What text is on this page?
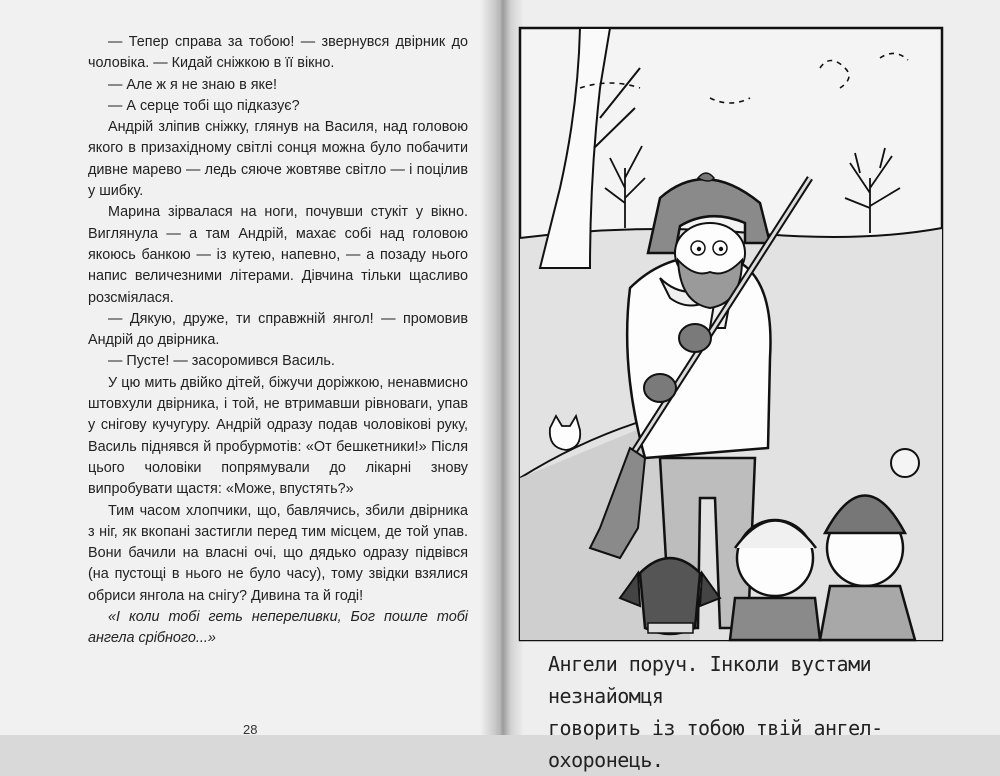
— Тепер справа за тобою! — звернувся двірник до чоловіка. — Кидай сніжкою в її вікно.

— Але ж я не знаю в яке!

— А серце тобі що підказує?

Андрій зліпив сніжку, глянув на Василя, над головою якого в призахідному світлі сонця можна було побачити дивне марево — ледь сяюче жовтяве світло — і поцілив у шибку.

Марина зірвалася на ноги, почувши стукіт у вікно. Виглянула — а там Андрій, махає собі над головою якоюсь банкою — із кутею, напевно, — а позаду нього напис величезними літерами. Дівчина тільки щасливо розсміялася.

— Дякую, друже, ти справжній янгол! — промовив Андрій до двірника.

— Пусте! — засоромився Василь.

У цю мить двійко дітей, біжучи доріжкою, ненавмисно штовхули двірника, і той, не втримавши рівноваги, упав у снігову кучугуру. Андрій одразу подав чоловікові руку, Василь піднявся й пробурмотів: «От бешкетники!» Після цього чоловіки попрямували до лікарні знову випробувати щастя: «Може, впустять?»

Тим часом хлопчики, що, бавлячись, збили двірника з ніг, як вкопані застигли перед тим місцем, де той упав. Вони бачили на власні очі, що дядько одразу підвівся (на пустощі в нього не було часу), тому звідки взялися обриси янгола на снігу? Дивина та й годі!

«І коли тобі геть непереливки, Бог пошле тобі ангела срібного...»

28
Ангели поруч. Інколи вустами незнайомця
говорить із тобою твій ангел-охоронець.
